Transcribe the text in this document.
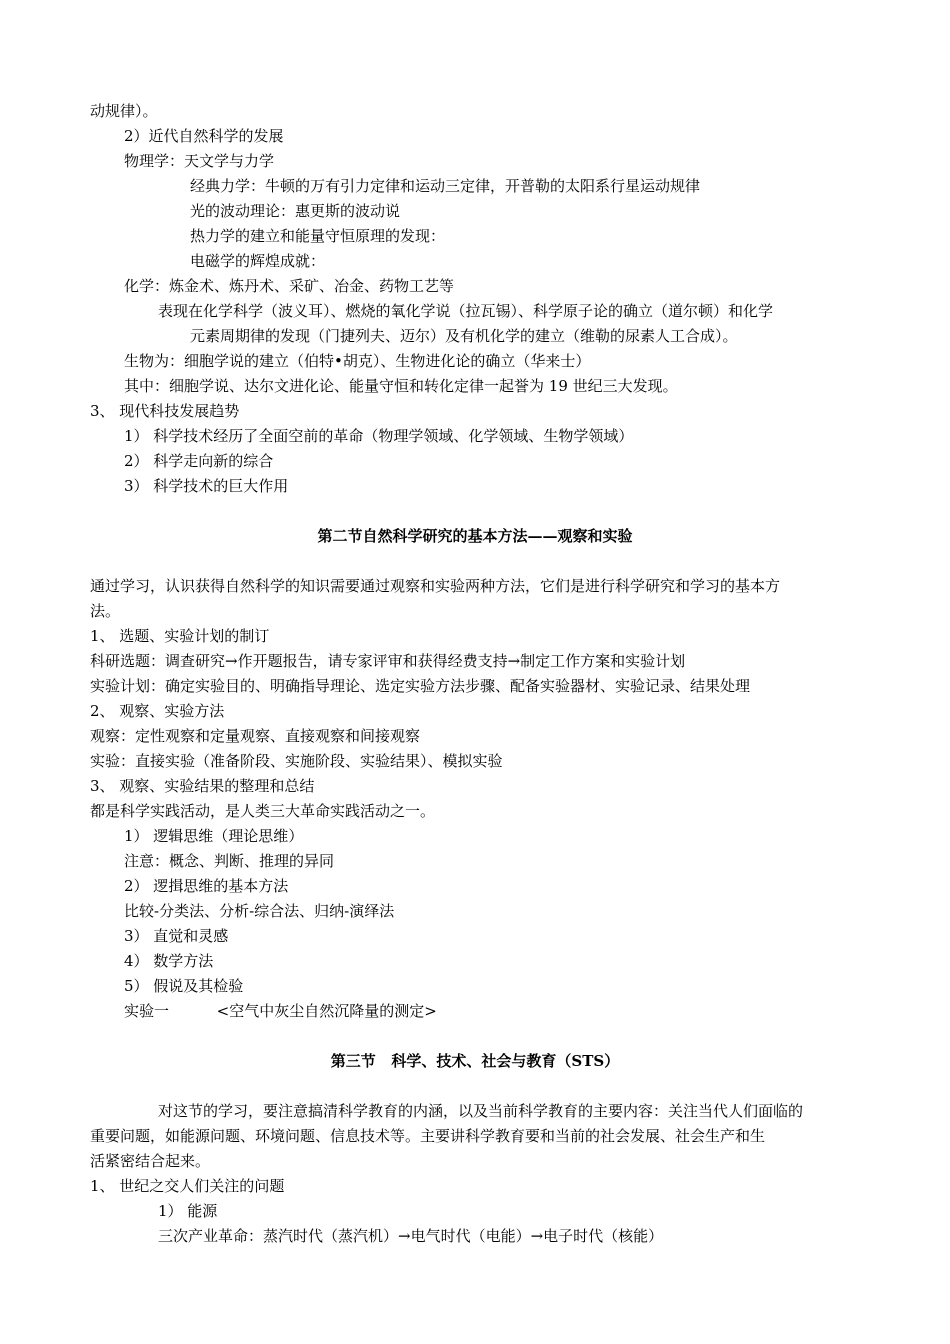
动规律）。
2）近代自然科学的发展
物理学：天文学与力学
经典力学：牛顿的万有引力定律和运动三定律，开普勒的太阳系行星运动规律
光的波动理论：惠更斯的波动说
热力学的建立和能量守恒原理的发现：
电磁学的辉煌成就：
化学：炼金术、炼丹术、采矿、冶金、药物工艺等
表现在化学科学（波义耳）、燃烧的氧化学说（拉瓦锡）、科学原子论的确立（道尔顿）和化学
元素周期律的发现（门捷列夫、迈尔）及有机化学的建立（维勒的尿素人工合成）。
生物为：细胞学说的建立（伯特•胡克）、生物进化论的确立（华来士）
其中：细胞学说、达尔文进化论、能量守恒和转化定律一起誉为 19 世纪三大发现。
3、 现代科技发展趋势
1） 科学技术经历了全面空前的革命（物理学领域、化学领域、生物学领域）
2） 科学走向新的综合
3） 科学技术的巨大作用
第二节自然科学研究的基本方法——观察和实验
通过学习，认识获得自然科学的知识需要通过观察和实验两种方法，它们是进行科学研究和学习的基本方
法。
1、 选题、实验计划的制订
科研选题：调查研究→作开题报告，请专家评审和获得经费支持→制定工作方案和实验计划
实验计划：确定实验目的、明确指导理论、选定实验方法步骤、配备实验器材、实验记录、结果处理
2、 观察、实验方法
观察：定性观察和定量观察、直接观察和间接观察
实验：直接实验（准备阶段、实施阶段、实验结果）、模拟实验
3、 观察、实验结果的整理和总结
都是科学实践活动，是人类三大革命实践活动之一。
1） 逻辑思维（理论思维）
注意：概念、判断、推理的异同
2） 逻揖思维的基本方法
比较-分类法、分析-综合法、归纳-演绎法
3） 直觉和灵感
4） 数学方法
5） 假说及其检验
实验一          <空气中灰尘自然沉降量的测定>
第三节   科学、技术、社会与教育（STS）
对这节的学习，要注意搞清科学教育的内涵，以及当前科学教育的主要内容：关注当代人们面临的
重要问题，如能源问题、环境问题、信息技术等。主要讲科学教育要和当前的社会发展、社会生产和生
活紧密结合起来。
1、 世纪之交人们关注的问题
1） 能源
三次产业革命：蒸汽时代（蒸汽机）→电气时代（电能）→电子时代（核能）
